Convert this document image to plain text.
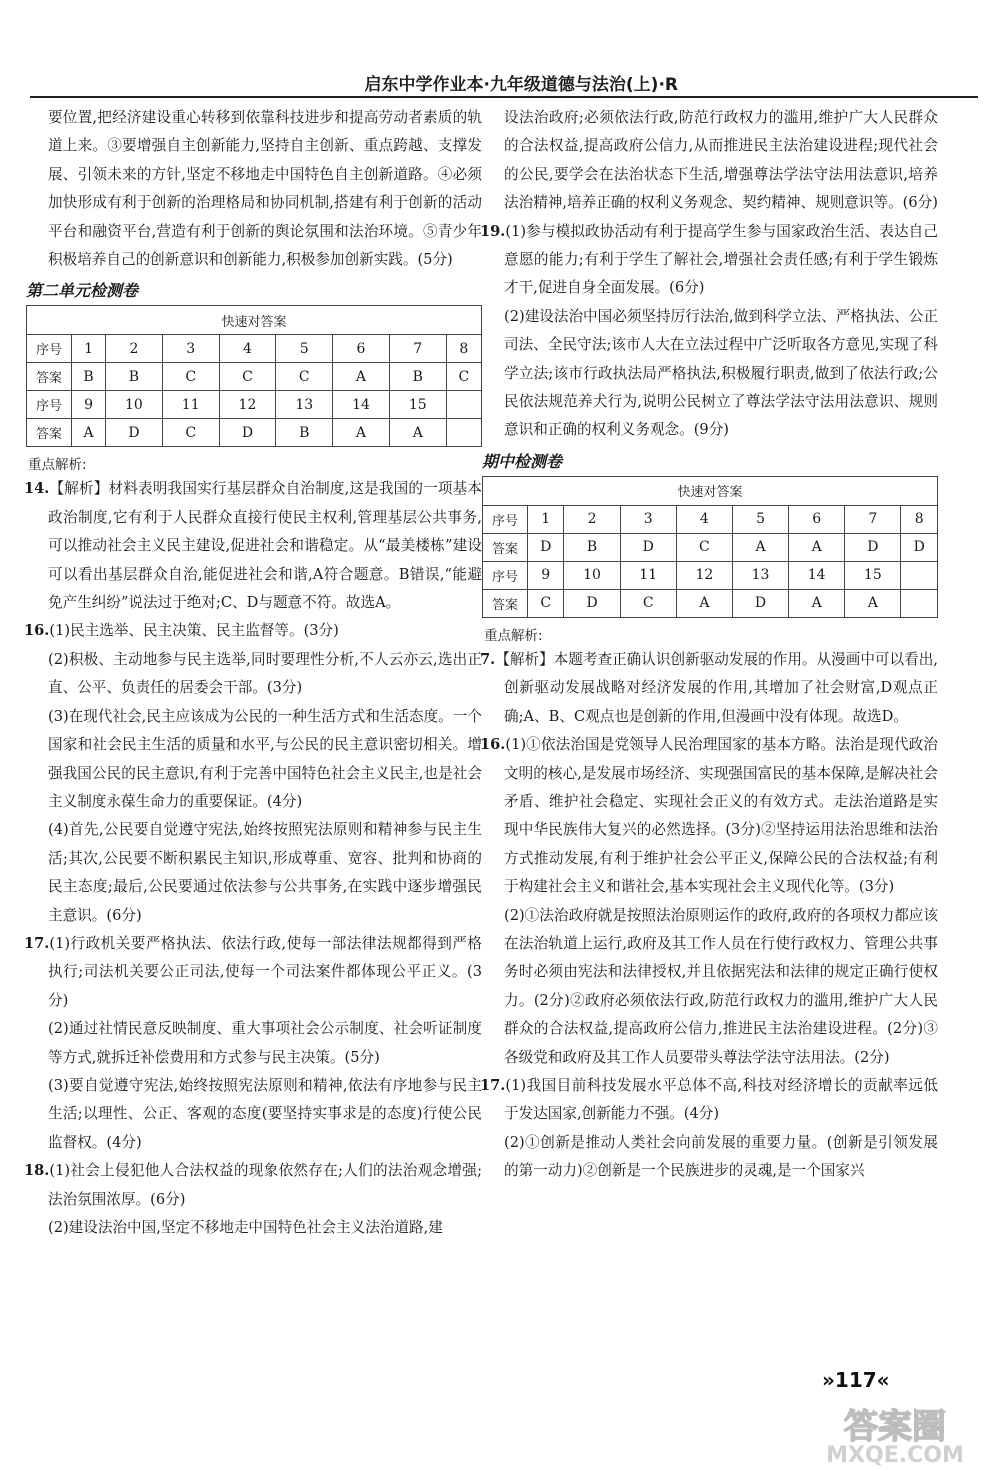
启东中学作业本·九年级道德与法治(上)·R

要位置,把经济建设重心转移到依靠科技进步和提高劳动者素质的轨道上来。③要增强自主创新能力,坚持自主创新、重点跨越、支撑发展、引领未来的方针,坚定不移地走中国特色自主创新道路。④必须加快形成有利于创新的治理格局和协同机制,搭建有利于创新的活动平台和融资平台,营造有利于创新的舆论氛围和法治环境。⑤青少年积极培养自己的创新意识和创新能力,积极参加创新实践。(5分)

第二单元检测卷
快速对答案								
序号	1	2	3	4	5	6	7	8
答案	B	B	C	C	C	A	B	C
序号	9	10	11	12	13	14	15	
答案	A	D	C	D	B	A	A	
重点解析:

14.【解析】材料表明我国实行基层群众自治制度,这是我国的一项基本政治制度,它有利于人民群众直接行使民主权利,管理基层公共事务,可以推动社会主义民主建设,促进社会和谐稳定。从“最美楼栋”建设可以看出基层群众自治,能促进社会和谐,A符合题意。B错误,“能避免产生纠纷”说法过于绝对;C、D与题意不符。故选A。

16.(1)民主选举、民主决策、民主监督等。(3分)

(2)积极、主动地参与民主选举,同时要理性分析,不人云亦云,选出正直、公平、负责任的居委会干部。(3分)

(3)在现代社会,民主应该成为公民的一种生活方式和生活态度。一个国家和社会民主生活的质量和水平,与公民的民主意识密切相关。增强我国公民的民主意识,有利于完善中国特色社会主义民主,也是社会主义制度永葆生命力的重要保证。(4分)

(4)首先,公民要自觉遵守宪法,始终按照宪法原则和精神参与民主生活;其次,公民要不断积累民主知识,形成尊重、宽容、批判和协商的民主态度;最后,公民要通过依法参与公共事务,在实践中逐步增强民主意识。(6分)

17.(1)行政机关要严格执法、依法行政,使每一部法律法规都得到严格执行;司法机关要公正司法,使每一个司法案件都体现公平正义。(3分)

(2)通过社情民意反映制度、重大事项社会公示制度、社会听证制度等方式,就拆迁补偿费用和方式参与民主决策。(5分)

(3)要自觉遵守宪法,始终按照宪法原则和精神,依法有序地参与民主生活;以理性、公正、客观的态度(要坚持实事求是的态度)行使公民监督权。(4分)

18.(1)社会上侵犯他人合法权益的现象依然存在;人们的法治观念增强;法治氛围浓厚。(6分)

(2)建设法治中国,坚定不移地走中国特色社会主义法治道路,建

设法治政府;必须依法行政,防范行政权力的滥用,维护广大人民群众的合法权益,提高政府公信力,从而推进民主法治建设进程;现代社会的公民,要学会在法治状态下生活,增强尊法学法守法用法意识,培养法治精神,培养正确的权利义务观念、契约精神、规则意识等。(6分)

19.(1)参与模拟政协活动有利于提高学生参与国家政治生活、表达自己意愿的能力;有利于学生了解社会,增强社会责任感;有利于学生锻炼才干,促进自身全面发展。(6分)

(2)建设法治中国必须坚持厉行法治,做到科学立法、严格执法、公正司法、全民守法;该市人大在立法过程中广泛听取各方意见,实现了科学立法;该市行政执法局严格执法,积极履行职责,做到了依法行政;公民依法规范养犬行为,说明公民树立了尊法学法守法用法意识、规则意识和正确的权利义务观念。(9分)

期中检测卷
快速对答案								
序号	1	2	3	4	5	6	7	8
答案	D	B	D	C	A	A	D	D
序号	9	10	11	12	13	14	15	
答案	C	D	C	A	D	A	A	
重点解析:

7.【解析】本题考查正确认识创新驱动发展的作用。从漫画中可以看出,创新驱动发展战略对经济发展的作用,其增加了社会财富,D观点正确;A、B、C观点也是创新的作用,但漫画中没有体现。故选D。

16.(1)①依法治国是党领导人民治理国家的基本方略。法治是现代政治文明的核心,是发展市场经济、实现强国富民的基本保障,是解决社会矛盾、维护社会稳定、实现社会正义的有效方式。走法治道路是实现中华民族伟大复兴的必然选择。(3分)②坚持运用法治思维和法治方式推动发展,有利于维护社会公平正义,保障公民的合法权益;有利于构建社会主义和谐社会,基本实现社会主义现代化等。(3分)

(2)①法治政府就是按照法治原则运作的政府,政府的各项权力都应该在法治轨道上运行,政府及其工作人员在行使行政权力、管理公共事务时必须由宪法和法律授权,并且依据宪法和法律的规定正确行使权力。(2分)②政府必须依法行政,防范行政权力的滥用,维护广大人民群众的合法权益,提高政府公信力,推进民主法治建设进程。(2分)③各级党和政府及其工作人员要带头尊法学法守法用法。(2分)

17.(1)我国目前科技发展水平总体不高,科技对经济增长的贡献率远低于发达国家,创新能力不强。(4分)

(2)①创新是推动人类社会向前发展的重要力量。(创新是引领发展的第一动力)②创新是一个民族进步的灵魂,是一个国家兴

»117«
答案圈
MXQE.COM
